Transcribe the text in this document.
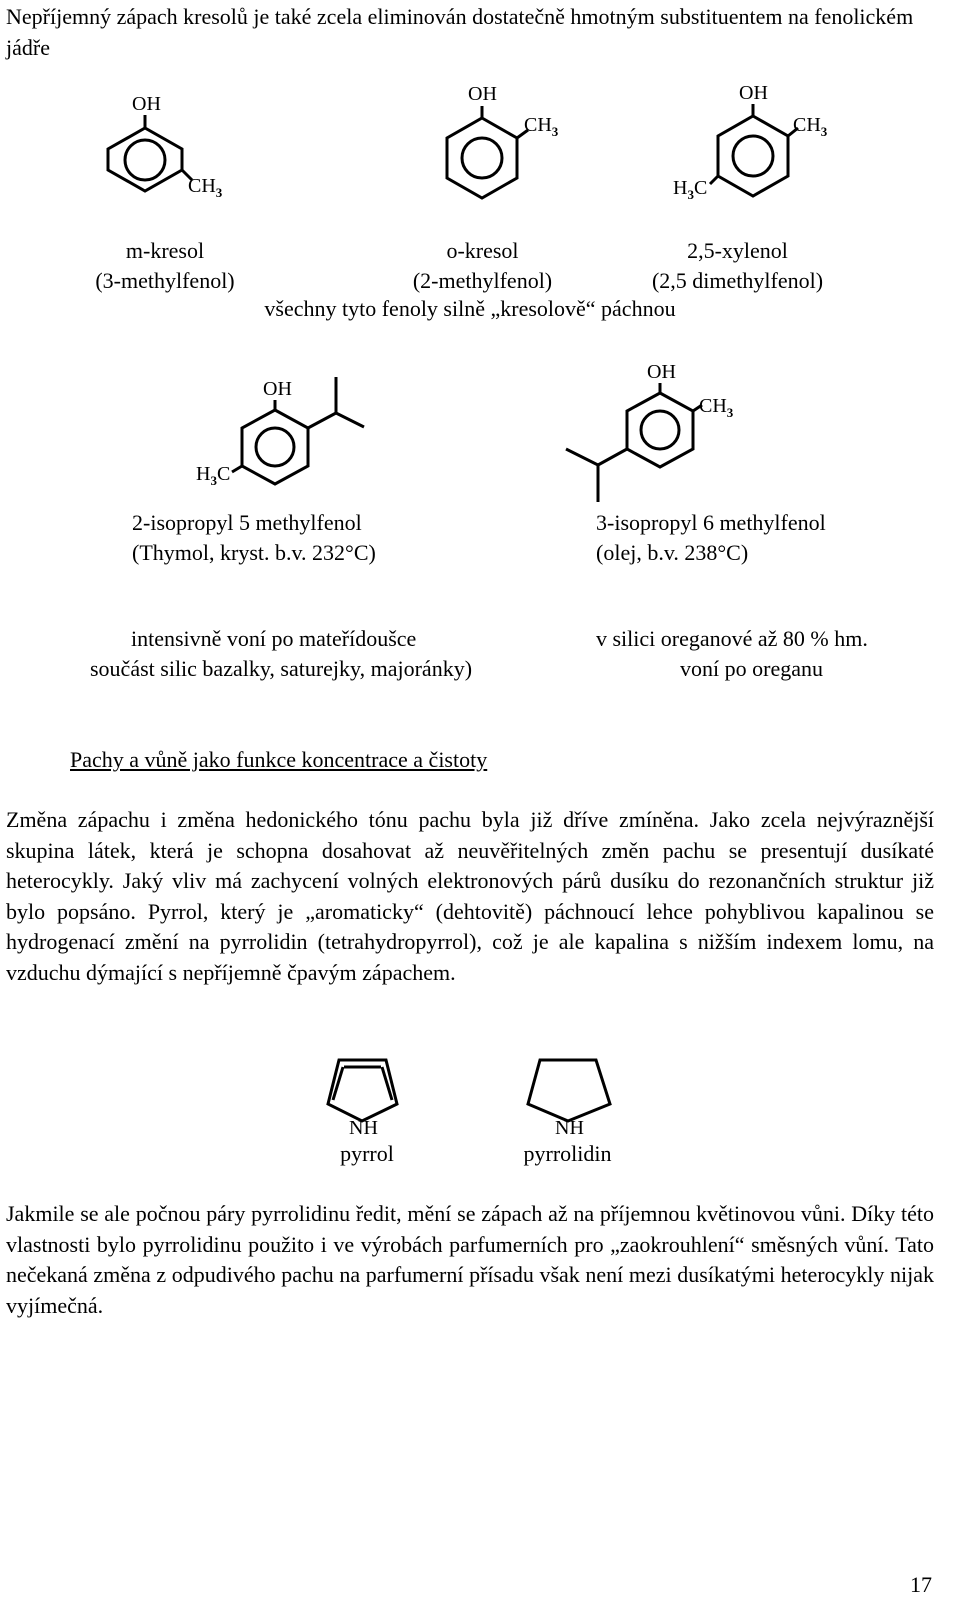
Nepříjemný zápach kresolů je také zcela eliminován dostatečně hmotným substituentem na fenolickém jádře
OH
$CH_3$
OH
$CH_3$
OH
$CH_3$
$H_3C$
OH
$H_3C$
OH
$CH_3$
NH	NH
m-kresol
(3-methylfenol)
o-kresol
(2-methylfenol)
2,5-xylenol
(2,5 dimethylfenol)
všechny tyto fenoly silně „kresolově“ páchnou
2-isopropyl 5 methylfenol
(Thymol, kryst. b.v. 232°C)
3-isopropyl 6 methylfenol
(olej, b.v. 238°C)
intensivně voní po mateřídoušce
součást silic bazalky, saturejky, majoránky)
v silici oreganové až 80 % hm.
voní po oreganu
Pachy a vůně jako funkce koncentrace a čistoty
Změna zápachu i změna hedonického tónu pachu byla již dříve zmíněna. Jako zcela nejvýraznější skupina látek, která je schopna dosahovat až neuvěřitelných změn pachu se presentují dusíkaté heterocykly. Jaký vliv má zachycení volných elektronových párů dusíku do rezonančních struktur již bylo popsáno. Pyrrol, který je „aromaticky“ (dehtovitě) páchnoucí lehce pohyblivou kapalinou se hydrogenací změní na pyrrolidin (tetrahydropyrrol), což je ale kapalina s nižším indexem lomu, na vzduchu dýmající s nepříjemně čpavým zápachem.
pyrrol	pyrrolidin
Jakmile se ale počnou páry pyrrolidinu ředit, mění se zápach až na příjemnou květinovou vůni. Díky této vlastnosti bylo pyrrolidinu použito i ve výrobách parfumerních pro „zaokrouhlení“ směsných vůní. Tato nečekaná změna z odpudivého pachu na parfumerní přísadu však není mezi dusíkatými heterocykly nijak vyjímečná.
17
